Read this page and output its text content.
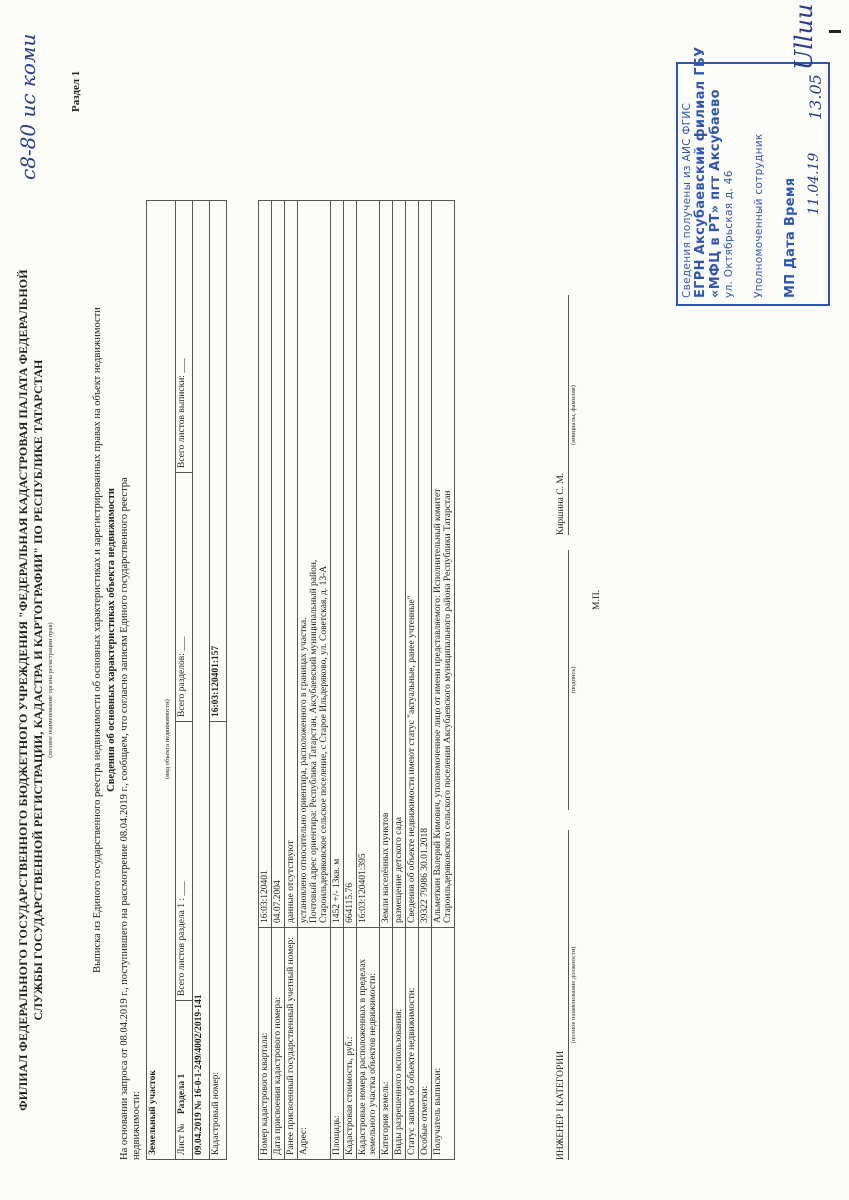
ФИЛИАЛ ФЕДЕРАЛЬНОГО ГОСУДАРСТВЕННОГО БЮДЖЕТНОГО УЧРЕЖДЕНИЯ "ФЕДЕРАЛЬНАЯ КАДАСТРОВАЯ ПАЛАТА ФЕДЕРАЛЬНОЙ СЛУЖБЫ ГОСУДАРСТВЕННОЙ РЕГИСТРАЦИИ, КАДАСТРА И КАРТОГРАФИИ" ПО РЕСПУБЛИКЕ ТАТАРСТАН (полное наименование органа регистрации прав)
Раздел 1
Выписка из Единого государственного реестра недвижимости об основных характеристиках и зарегистрированных правах на объект недвижимости Сведения об основных характеристиках объекта недвижимости На основании запроса от 08.04.2019 г., поступившего на рассмотрение 08.04.2019 г., сообщаем, что согласно записям Единого государственного реестра недвижимости: Земельный участок
(вид объекта недвижимости)			

Лист №    Раздела 1	Всего листов раздела 1 : ___	Всего разделов: ___	Всего листов выписки: ___
09.04.2019 № 16-0-1-249/4002/2019-141			
Кадастровый номер:		16:03:120401:157	
Номер кадастрового квартала:	16:03:120401
Дата присвоения кадастрового номера:	04.07.2004
Ранее присвоенный государственный учетный номер:	данные отсутствуют
Адрес:	установлено относительно ориентира, расположенного в границах участка.
Почтовый адрес ориентира: Республика Татарстан, Аксубаевский муниципальный район,
Староильдеряковское сельское поселение, с Старое Ильдеряково, ул. Советская, д. 13-А
Площадь:	1452 +/- 13кв. м
Кадастровая стоимость, руб.:	664115.76
Кадастровые номера расположенных в пределах земельного участка объектов недвижимости:	16:03:120401:395
Категория земель:	Земли населённых пунктов
Виды разрешенного использования:	размещение детского сада
Статус записи об объекте недвижимости:	Сведения об объекте недвижимости имеют статус "актуальные, ранее учтенные"
Особые отметки:	39322 79986 30.01.2018
Получатель выписки:	Альметкин Валерий Кимович, уполномоченное лицо от имени представляемого: Исполнительный комитет
Староильдеряковского сельского поселения Аксубаевского муниципального района Республики Татарстан
ИНЖЕНЕР I КАТЕГОРИИ
(полное наименование должности)
(подпись)
Киршина С. М.
(инициалы, фамилия)
М.П.
с8-80 ис коми	Сведения получены из АИС ФГИС ЕГРН Аксубаевский филиал ГБУ «МФЦ в РТ» пгт Аксубаево ул. Октябрьская д. 46 Уполномоченный сотрудник МП Дата Время
Ulluu
13.05
11.04.19
